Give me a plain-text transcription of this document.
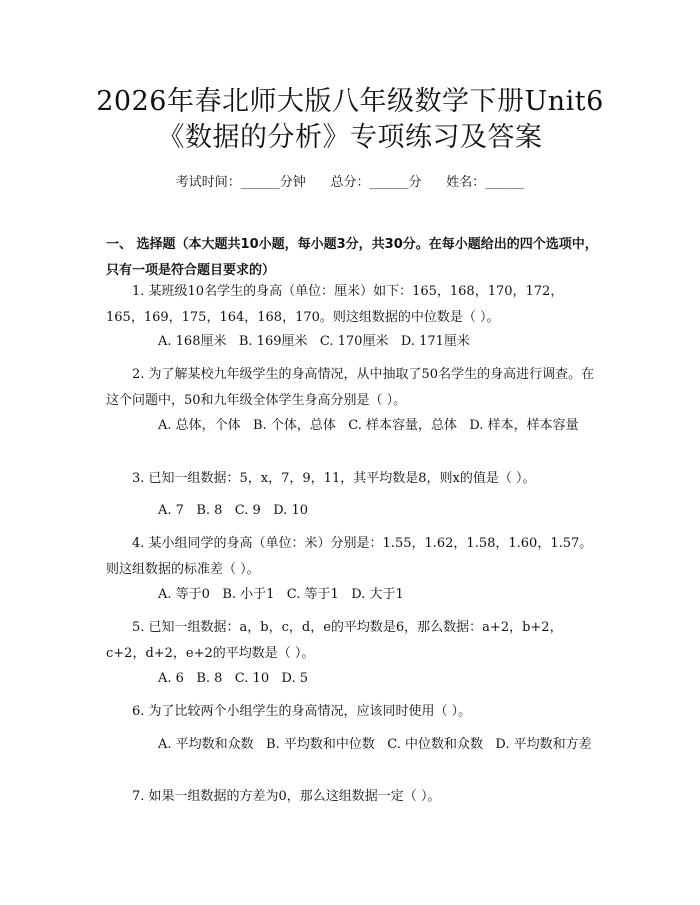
2026年春北师大版八年级数学下册Unit6
《数据的分析》专项练习及答案
考试时间：______分钟      总分：______分      姓名：______
一、 选择题（本大题共10小题，每小题3分，共30分。在每小题给出的四个选项中，只有一项是符合题目要求的）
1. 某班级10名学生的身高（单位：厘米）如下：165，168，170，172，165，169，175，164，168，170。则这组数据的中位数是（ ）。
A. 168厘米   B. 169厘米   C. 170厘米   D. 171厘米
2. 为了解某校九年级学生的身高情况，从中抽取了50名学生的身高进行调查。在这个问题中，50和九年级全体学生身高分别是（ ）。
A. 总体，个体   B. 个体，总体   C. 样本容量，总体   D. 样本，样本容量
3. 已知一组数据：5，x，7，9，11，其平均数是8，则x的值是（ ）。
A. 7   B. 8   C. 9   D. 10
4. 某小组同学的身高（单位：米）分别是：1.55，1.62，1.58，1.60，1.57。则这组数据的标准差（ ）。
A. 等于0   B. 小于1   C. 等于1   D. 大于1
5. 已知一组数据：a，b，c，d，e的平均数是6，那么数据：a+2，b+2，c+2，d+2，e+2的平均数是（ ）。
A. 6   B. 8   C. 10   D. 5
6. 为了比较两个小组学生的身高情况，应该同时使用（ ）。
A. 平均数和众数   B. 平均数和中位数   C. 中位数和众数   D. 平均数和方差
7. 如果一组数据的方差为0，那么这组数据一定（ ）。
